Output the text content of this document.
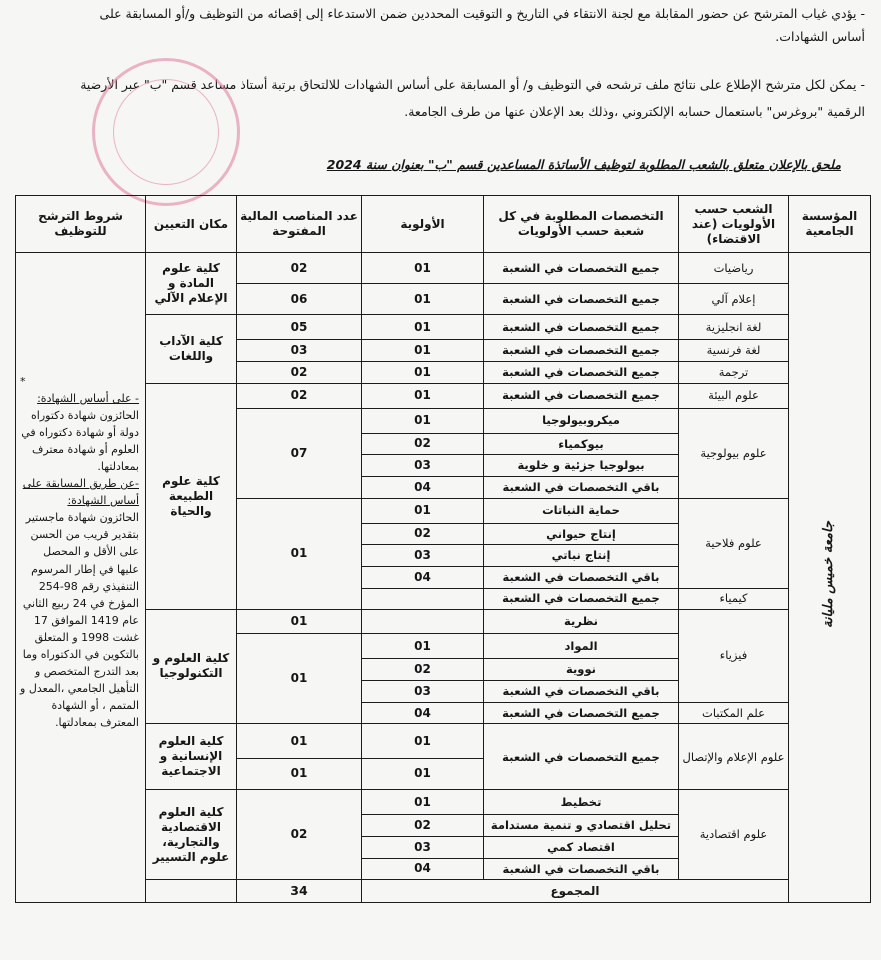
- يؤدي غياب المترشح عن حضور المقابلة مع لجنة الانتقاء في التاريخ و التوقيت المحددين ضمن الاستدعاء إلى إقصائه من التوظيف و/أو المسابقة على
أساس الشهادات.
- يمكن لكل مترشح الإطلاع على نتائج ملف ترشحه في التوظيف و/ أو المسابقة على أساس الشهادات للالتحاق برتبة أستاذ مساعد قسم "ب" عبر الأرضية
الرقمية "بروغرس" باستعمال حسابه الإلكتروني ،وذلك بعد الإعلان عنها من طرف الجامعة.
ملحق بالإعلان متعلق بالشعب المطلوبة لتوظيف الأساتذة المساعدين قسم "ب" بعنوان سنة 2024
المؤسسة الجامعية	الشعب حسب الأولويات (عند الاقتضاء)	التخصصات المطلوبة في كل شعبة حسب الأولويات	الأولوية	عدد المناصب المالية المفتوحة	مكان التعيين	شروط الترشح للتوظيف
جامعة خميس مليانة	رياضيات	جميع التخصصات في الشعبة	01	02	كلية علوم المادة و الإعلام الآلي	*
- على أساس الشهادة:
الحائزون شهادة دكتوراه دولة أو شهادة دكتوراه في العلوم أو شهادة معترف بمعادلتها.
-عن طريق المسابقة على أساس الشهادة:
الحائزون شهادة ماجستير بتقدير قريب من الحسن على الأقل و المحصل عليها في إطار المرسوم التنفيذي رقم 98-254 المؤرخ في 24 ربيع الثاني عام 1419 الموافق 17 غشت 1998 و المتعلق بالتكوين في الدكتوراه وما بعد التدرج المتخصص و التأهيل الجامعي ،المعدل و المتمم ، أو الشهادة المعترف بمعادلتها.

	إعلام آلي	جميع التخصصات في الشعبة	01	06		
	لغة انجليزية	جميع التخصصات في الشعبة	01	05	كلية الآداب واللغات	
	لغة فرنسية	جميع التخصصات في الشعبة	01	03		
	ترجمة	جميع التخصصات في الشعبة	01	02		
	علوم البيئة	جميع التخصصات في الشعبة	01	02	كلية علوم الطبيعة والحياة	
	علوم بيولوجية	ميكروبيولوجيا	01	07		
		بيوكمياء	02			
		بيولوجيا جزئية و خلوية	03			
		باقي التخصصات في الشعبة	04			
	علوم فلاحية	حماية النباتات	01	01		
		إنتاج حيواني	02			
		إنتاج نباتي	03			
		باقي التخصصات في الشعبة	04			
	كيمياء	جميع التخصصات في الشعبة				
	فيزياء	نظرية		01	كلية العلوم و التكنولوجيا	
		المواد	01	01		
		نووية	02			
		باقي التخصصات في الشعبة	03			
	علم المكتبات	جميع التخصصات في الشعبة	04			
	علوم الإعلام والإتصال	جميع التخصصات في الشعبة	01	01	كلية العلوم الإنسانية و الاجتماعية	
			01	01		
	علوم اقتصادية	تخطيط	01	02	كلية العلوم الاقتصادية والتجارية، علوم التسيير	
		تحليل اقتصادي و تنمية مستدامة	02			
		اقتصاد كمي	03			
		باقي التخصصات في الشعبة	04			
	المجموع			34		
